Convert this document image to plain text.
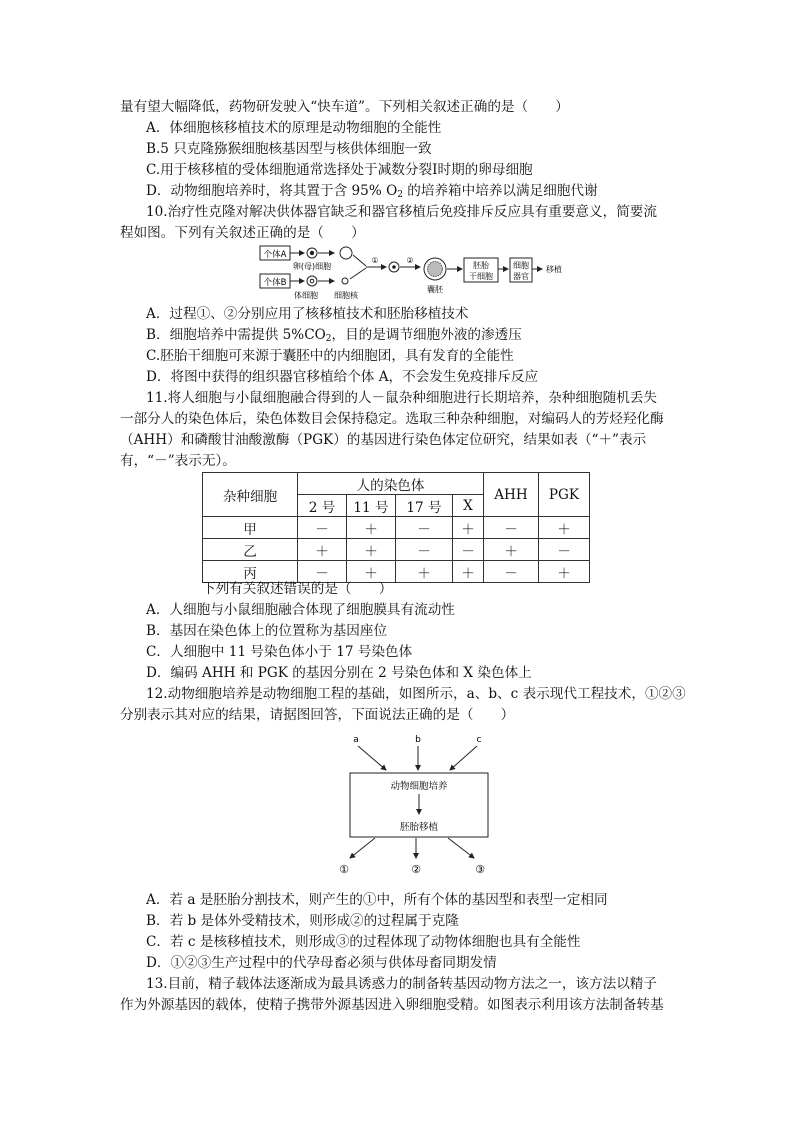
量有望大幅降低，药物研发驶入“快车道”。下列相关叙述正确的是（　　）
A．体细胞核移植技术的原理是动物细胞的全能性
B.5 只克隆猕猴细胞核基因型与核供体细胞一致
C.用于核移植的受体细胞通常选择处于减数分裂Ⅰ时期的卵母细胞
D．动物细胞培养时，将其置于含 95% $O_2$ 的培养箱中培养以满足细胞代谢
10.治疗性克隆对解决供体器官缺乏和器官移植后免疫排斥反应具有重要意义，简要流
程如图。下列有关叙述正确的是（　　）
个体A
个体B
卵(母)细胞
体细胞 细胞核
①	②
囊胚
胚胎
干细胞
细胞
器官
移植
A．过程①、②分别应用了核移植技术和胚胎移植技术
B．细胞培养中需提供 $5\%CO_2$，目的是调节细胞外液的渗透压
C.胚胎干细胞可来源于囊胚中的内细胞团，具有发育的全能性
D．将图中获得的组织器官移植给个体 A，不会发生免疫排斥反应
11.将人细胞与小鼠细胞融合得到的人－鼠杂种细胞进行长期培养，杂种细胞随机丢失
一部分人的染色体后，染色体数目会保持稳定。选取三种杂种细胞，对编码人的芳烃羟化酶
（AHH）和磷酸甘油酸激酶（PGK）的基因进行染色体定位研究，结果如表（“＋”表示
有，“－”表示无）。
杂种细胞	人的染色体				AHH	PGK
	2 号	11 号	17 号	X		
甲	－	＋	－	＋	－	＋
乙	＋	＋	－	－	＋	－
丙	－	＋	＋	＋	－	＋
下列有关叙述错误的是（　　）
A．人细胞与小鼠细胞融合体现了细胞膜具有流动性
B．基因在染色体上的位置称为基因座位
C．人细胞中 11 号染色体小于 17 号染色体
D．编码 AHH 和 PGK 的基因分别在 2 号染色体和 X 染色体上
12.动物细胞培养是动物细胞工程的基础，如图所示，a、b、c 表示现代工程技术，①②③
分别表示其对应的结果，请据图回答，下面说法正确的是（　　）
a	b	c
动物细胞培养
胚胎移植
①	②	③
A．若 a 是胚胎分割技术，则产生的①中，所有个体的基因型和表型一定相同
B．若 b 是体外受精技术，则形成②的过程属于克隆
C．若 c 是核移植技术，则形成③的过程体现了动物体细胞也具有全能性
D．①②③生产过程中的代孕母畜必须与供体母畜同期发情
13.目前，精子载体法逐渐成为最具诱惑力的制备转基因动物方法之一，该方法以精子
作为外源基因的载体，使精子携带外源基因进入卵细胞受精。如图表示利用该方法制备转基
